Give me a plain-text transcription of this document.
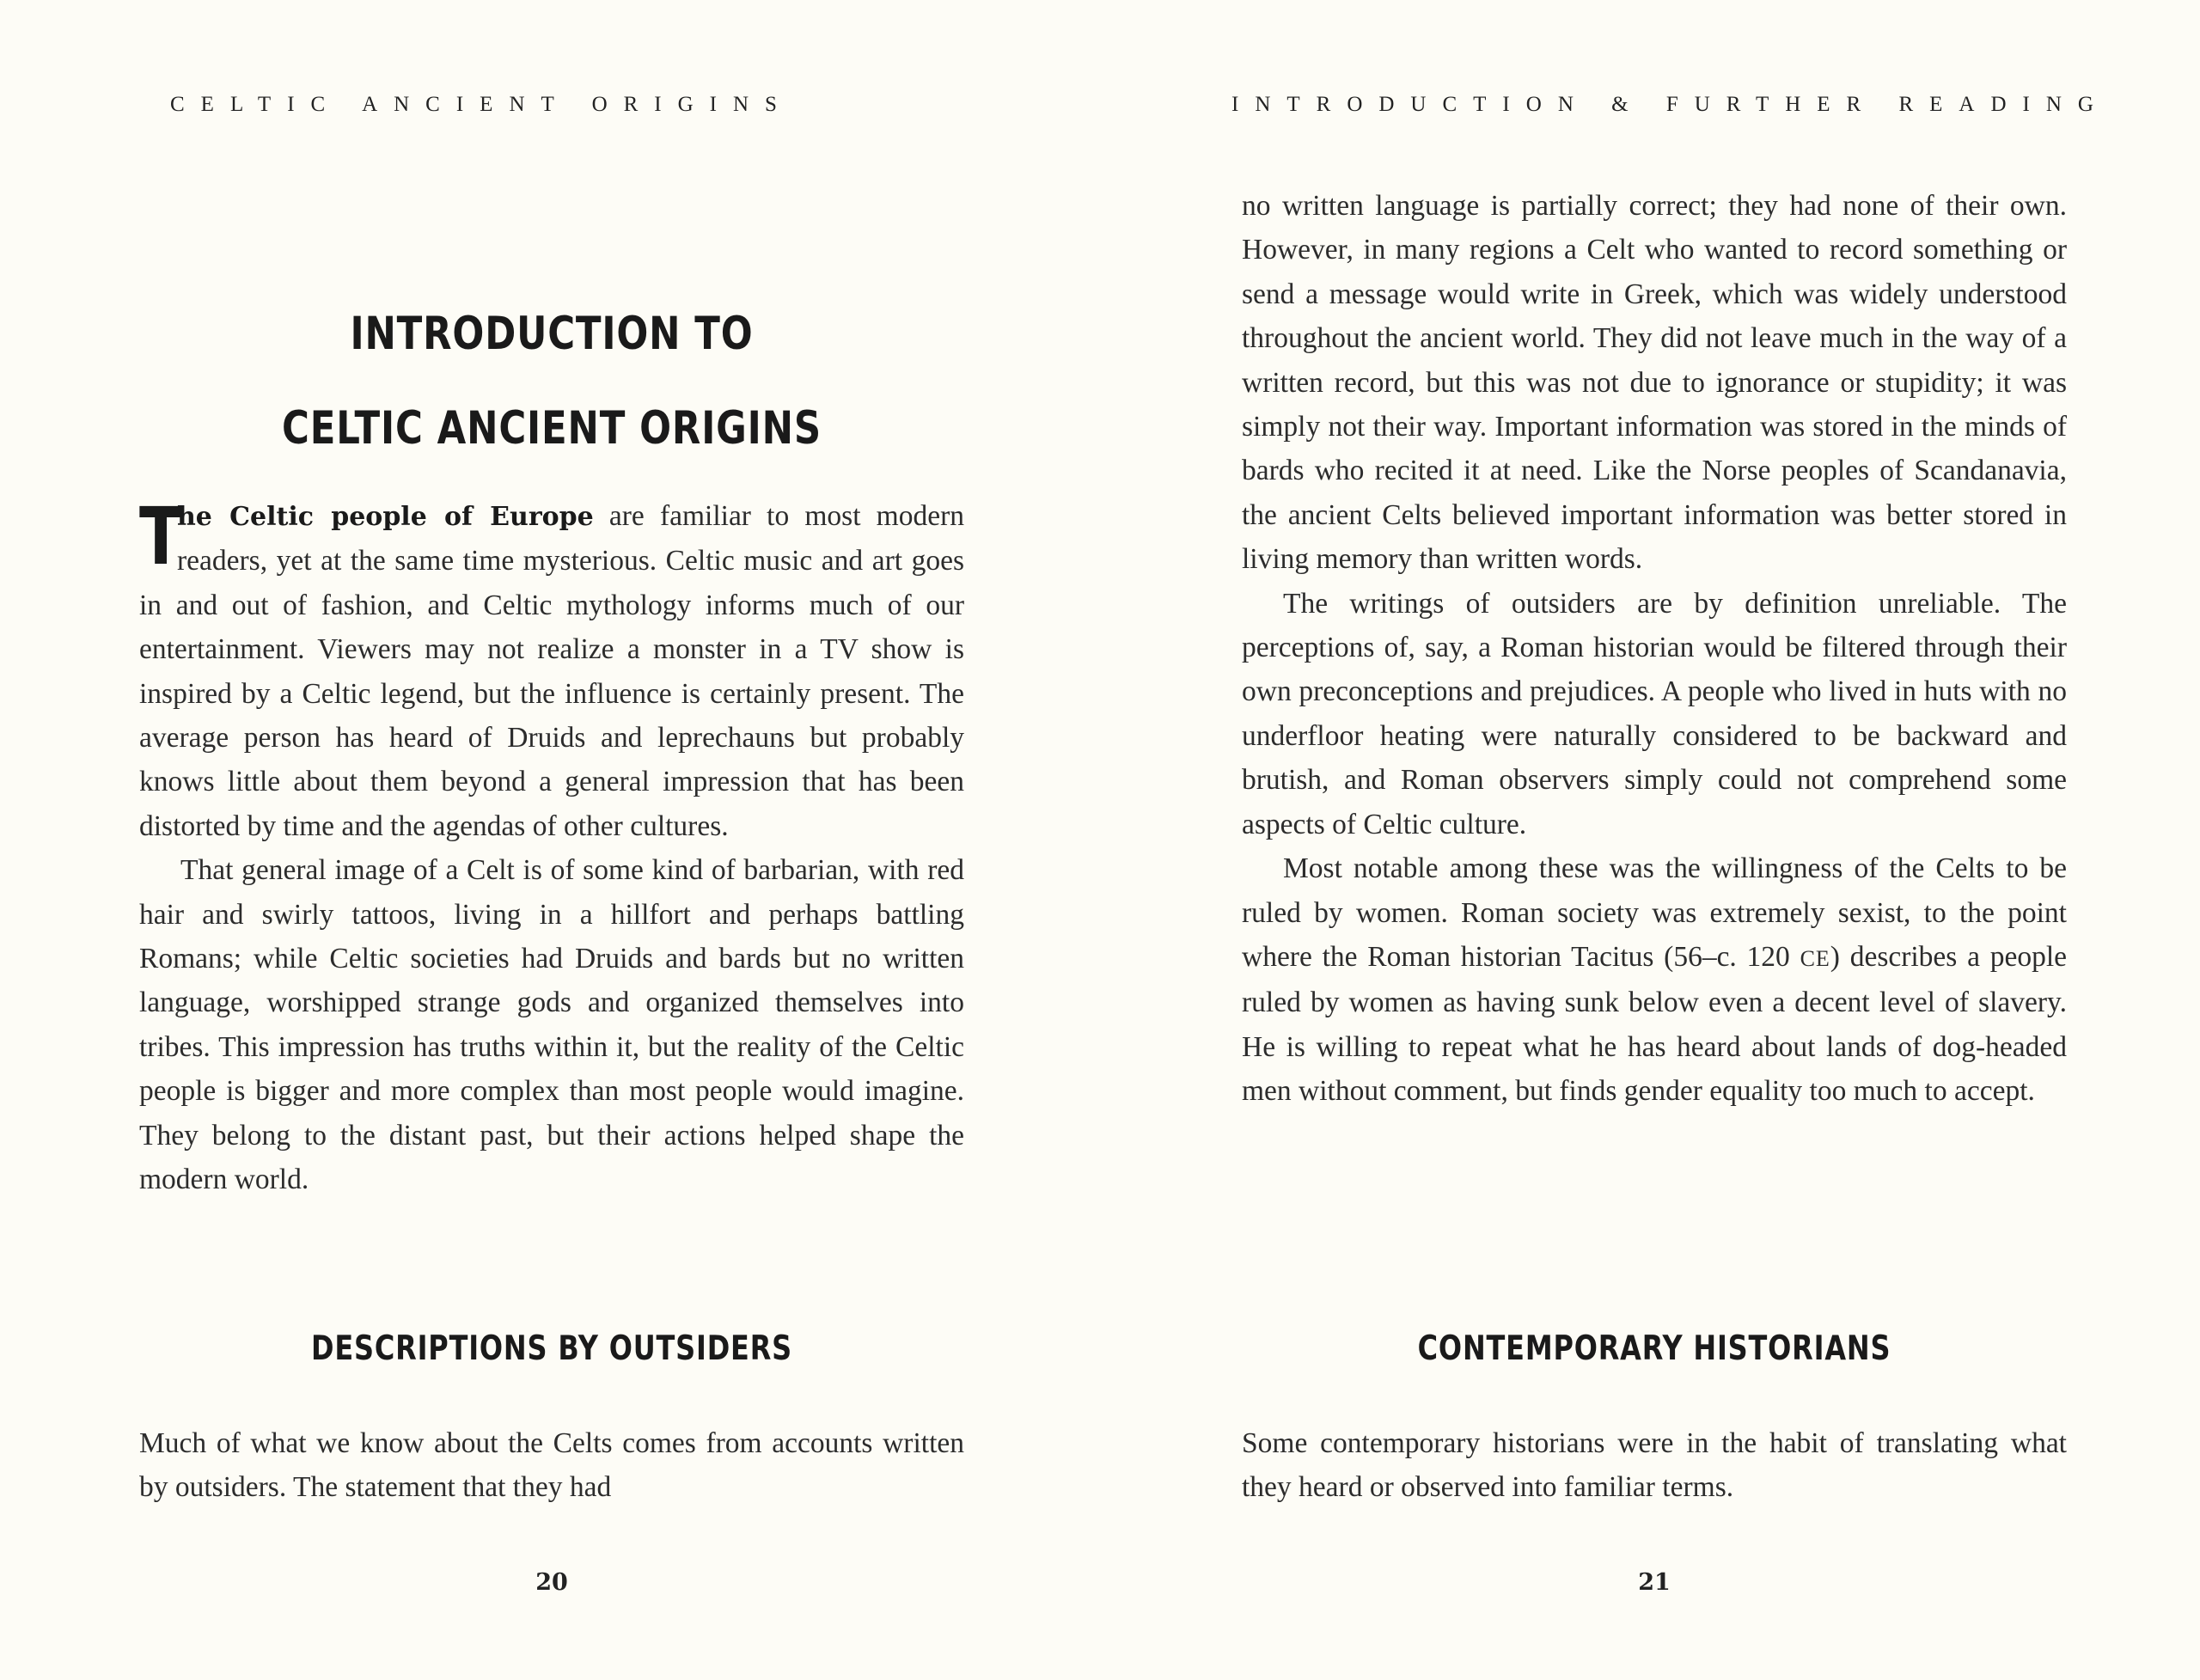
CELTIC ANCIENT ORIGINS
INTRODUCTION TO
CELTIC ANCIENT ORIGINS

T
he Celtic people of Europe are familiar to most modern readers, yet at the same time mysterious. Celtic music and art goes in and out of fashion, and Celtic mythology informs much of our entertainment. Viewers may not realize a monster in a TV show is inspired by a Celtic legend, but the influence is certainly present. The average person has heard of Druids and leprechauns but probably knows little about them beyond a general impression that has been distorted by time and the agendas of other cultures.

That general image of a Celt is of some kind of barbarian, with red hair and swirly tattoos, living in a hillfort and perhaps battling Romans; while Celtic societies had Druids and bards but no written language, worshipped strange gods and organized themselves into tribes. This impression has truths within it, but the reality of the Celtic people is bigger and more complex than most people would imagine. They belong to the distant past, but their actions helped shape the modern world.

DESCRIPTIONS BY OUTSIDERS

Much of what we know about the Celts comes from accounts written by outsiders. The statement that they had

20
INTRODUCTION & FURTHER READING

no written language is partially correct; they had none of their own. However, in many regions a Celt who wanted to record something or send a message would write in Greek, which was widely understood throughout the ancient world. They did not leave much in the way of a written record, but this was not due to ignorance or stupidity; it was simply not their way. Important information was stored in the minds of bards who recited it at need. Like the Norse peoples of Scandanavia, the ancient Celts believed important information was better stored in living memory than written words.

The writings of outsiders are by definition unreliable. The perceptions of, say, a Roman historian would be filtered through their own preconceptions and prejudices. A people who lived in huts with no underfloor heating were naturally considered to be backward and brutish, and Roman observers simply could not comprehend some aspects of Celtic culture.

Most notable among these was the willingness of the Celts to be ruled by women. Roman society was extremely sexist, to the point where the Roman historian Tacitus (56–c. 120 CE) describes a people ruled by women as having sunk below even a decent level of slavery. He is willing to repeat what he has heard about lands of dog-headed men without comment, but finds gender equality too much to accept.

CONTEMPORARY HISTORIANS

Some contemporary historians were in the habit of translating what they heard or observed into familiar terms.

21
